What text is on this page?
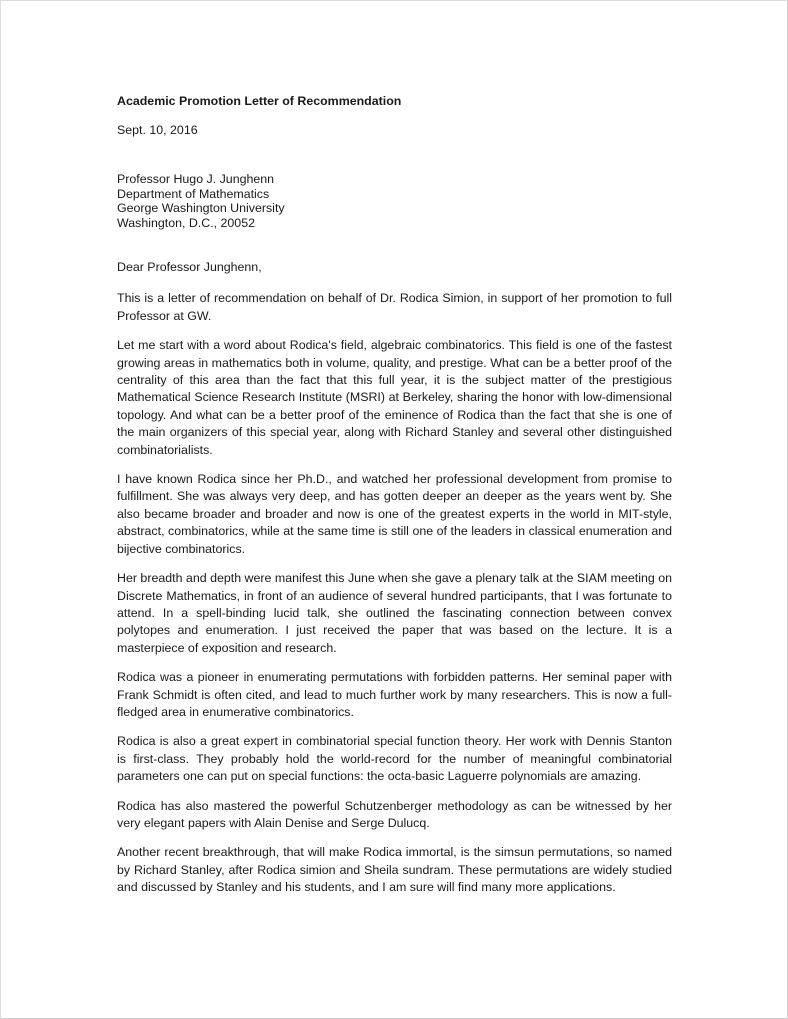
Academic Promotion Letter of Recommendation

Sept. 10, 2016

Professor Hugo J. Junghenn
Department of Mathematics
George Washington University
Washington, D.C., 20052

Dear Professor Junghenn,

This is a letter of recommendation on behalf of Dr. Rodica Simion, in support of her promotion to full Professor at GW.

Let me start with a word about Rodica's field, algebraic combinatorics. This field is one of the fastest growing areas in mathematics both in volume, quality, and prestige. What can be a better proof of the centrality of this area than the fact that this full year, it is the subject matter of the prestigious Mathematical Science Research Institute (MSRI) at Berkeley, sharing the honor with low-dimensional topology. And what can be a better proof of the eminence of Rodica than the fact that she is one of the main organizers of this special year, along with Richard Stanley and several other distinguished combinatorialists.

I have known Rodica since her Ph.D., and watched her professional development from promise to fulfillment. She was always very deep, and has gotten deeper an deeper as the years went by. She also became broader and broader and now is one of the greatest experts in the world in MIT-style, abstract, combinatorics, while at the same time is still one of the leaders in classical enumeration and bijective combinatorics.

Her breadth and depth were manifest this June when she gave a plenary talk at the SIAM meeting on Discrete Mathematics, in front of an audience of several hundred participants, that I was fortunate to attend. In a spell-binding lucid talk, she outlined the fascinating connection between convex polytopes and enumeration. I just received the paper that was based on the lecture. It is a masterpiece of exposition and research.

Rodica was a pioneer in enumerating permutations with forbidden patterns. Her seminal paper with Frank Schmidt is often cited, and lead to much further work by many researchers. This is now a full-fledged area in enumerative combinatorics.

Rodica is also a great expert in combinatorial special function theory. Her work with Dennis Stanton is first-class. They probably hold the world-record for the number of meaningful combinatorial parameters one can put on special functions: the octa-basic Laguerre polynomials are amazing.

Rodica has also mastered the powerful Schutzenberger methodology as can be witnessed by her very elegant papers with Alain Denise and Serge Dulucq.

Another recent breakthrough, that will make Rodica immortal, is the simsun permutations, so named by Richard Stanley, after Rodica simion and Sheila sundram. These permutations are widely studied and discussed by Stanley and his students, and I am sure will find many more applications.
